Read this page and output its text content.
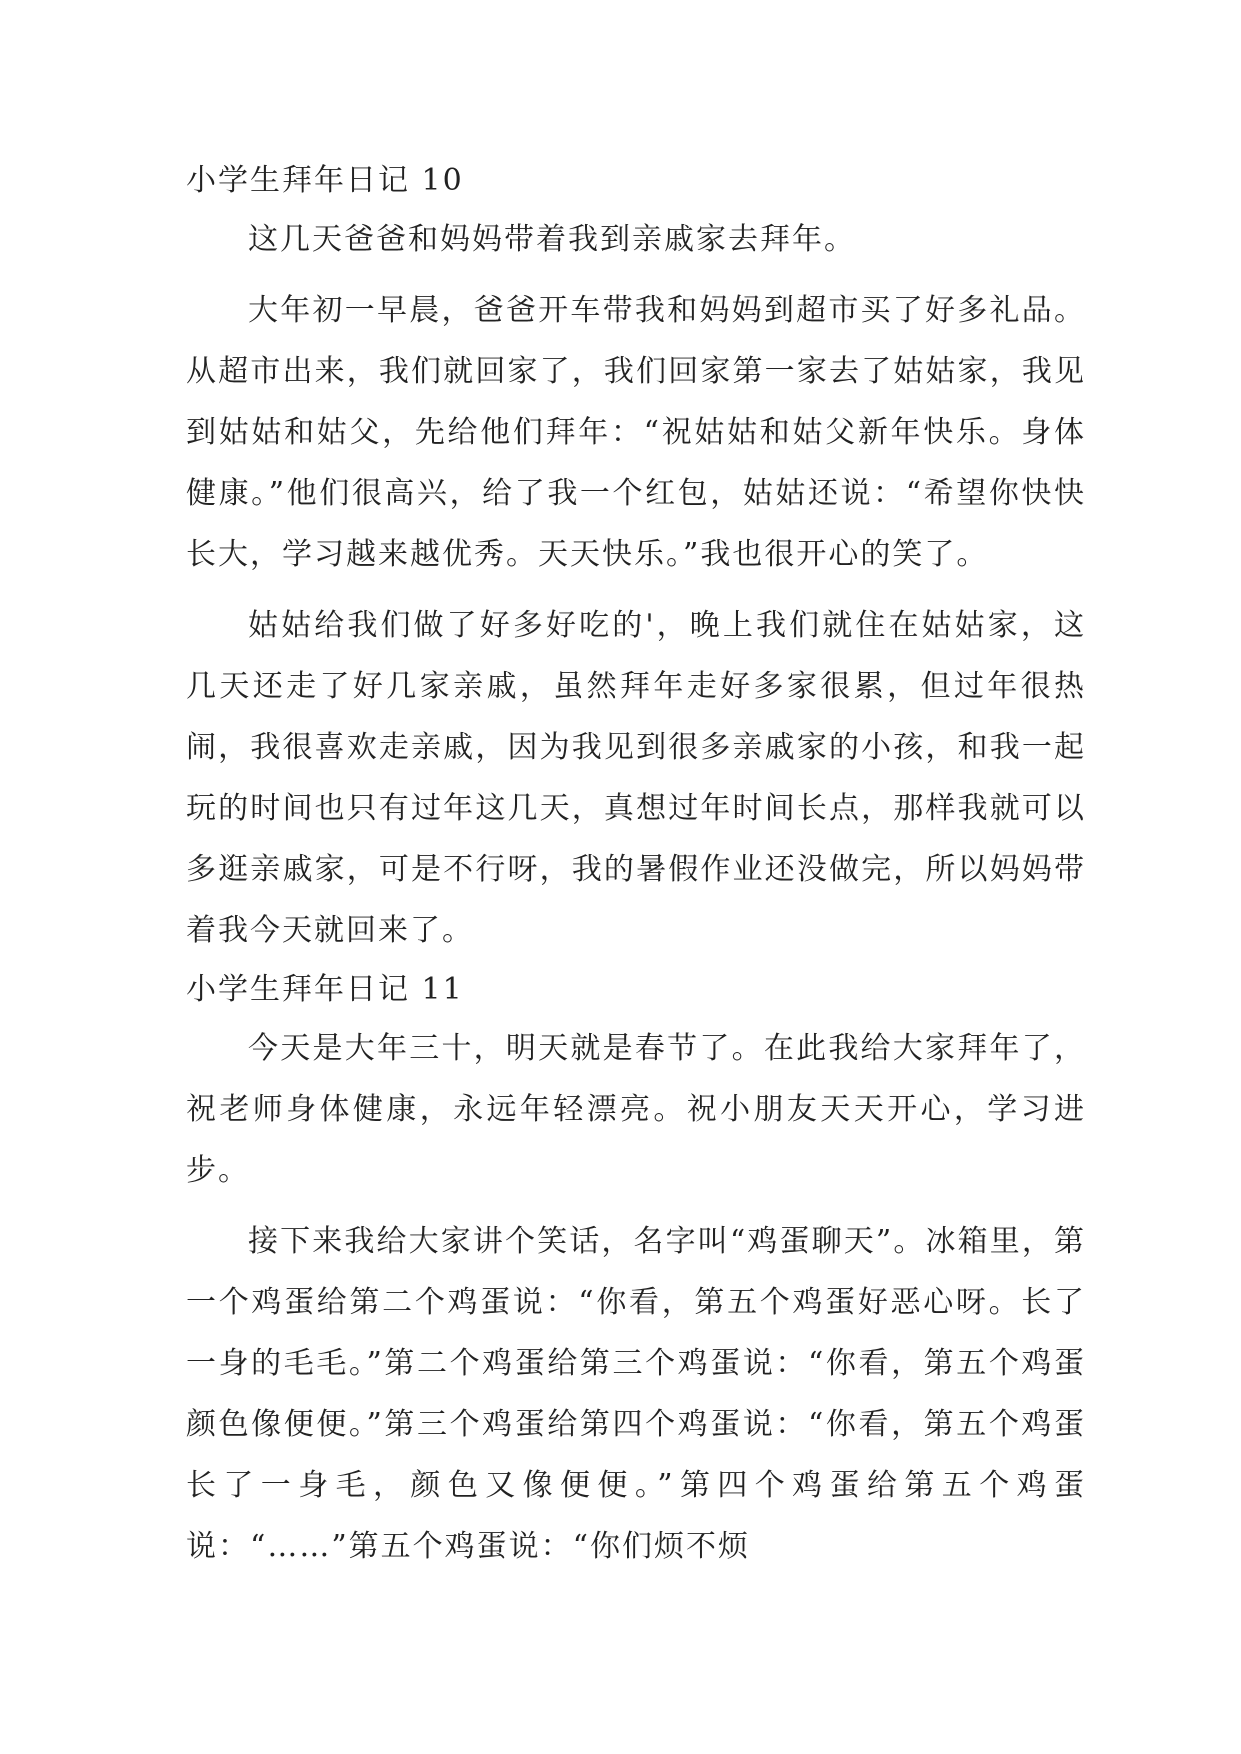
小学生拜年日记 10

这几天爸爸和妈妈带着我到亲戚家去拜年。

大年初一早晨，爸爸开车带我和妈妈到超市买了好多礼品。从超市出来，我们就回家了，我们回家第一家去了姑姑家，我见到姑姑和姑父，先给他们拜年：“祝姑姑和姑父新年快乐。身体健康。”他们很高兴，给了我一个红包，姑姑还说：“希望你快快长大，学习越来越优秀。天天快乐。”我也很开心的笑了。

姑姑给我们做了好多好吃的'，晚上我们就住在姑姑家，这几天还走了好几家亲戚，虽然拜年走好多家很累，但过年很热闹，我很喜欢走亲戚，因为我见到很多亲戚家的小孩，和我一起玩的时间也只有过年这几天，真想过年时间长点，那样我就可以多逛亲戚家，可是不行呀，我的暑假作业还没做完，所以妈妈带着我今天就回来了。

小学生拜年日记 11

今天是大年三十，明天就是春节了。在此我给大家拜年了，祝老师身体健康，永远年轻漂亮。祝小朋友天天开心，学习进步。

接下来我给大家讲个笑话，名字叫“鸡蛋聊天”。冰箱里，第一个鸡蛋给第二个鸡蛋说：“你看，第五个鸡蛋好恶心呀。长了一身的毛毛。”第二个鸡蛋给第三个鸡蛋说：“你看，第五个鸡蛋颜色像便便。”第三个鸡蛋给第四个鸡蛋说：“你看，第五个鸡蛋长了一身毛，颜色又像便便。”第四个鸡蛋给第五个鸡蛋说：“……”第五个鸡蛋说：“你们烦不烦
